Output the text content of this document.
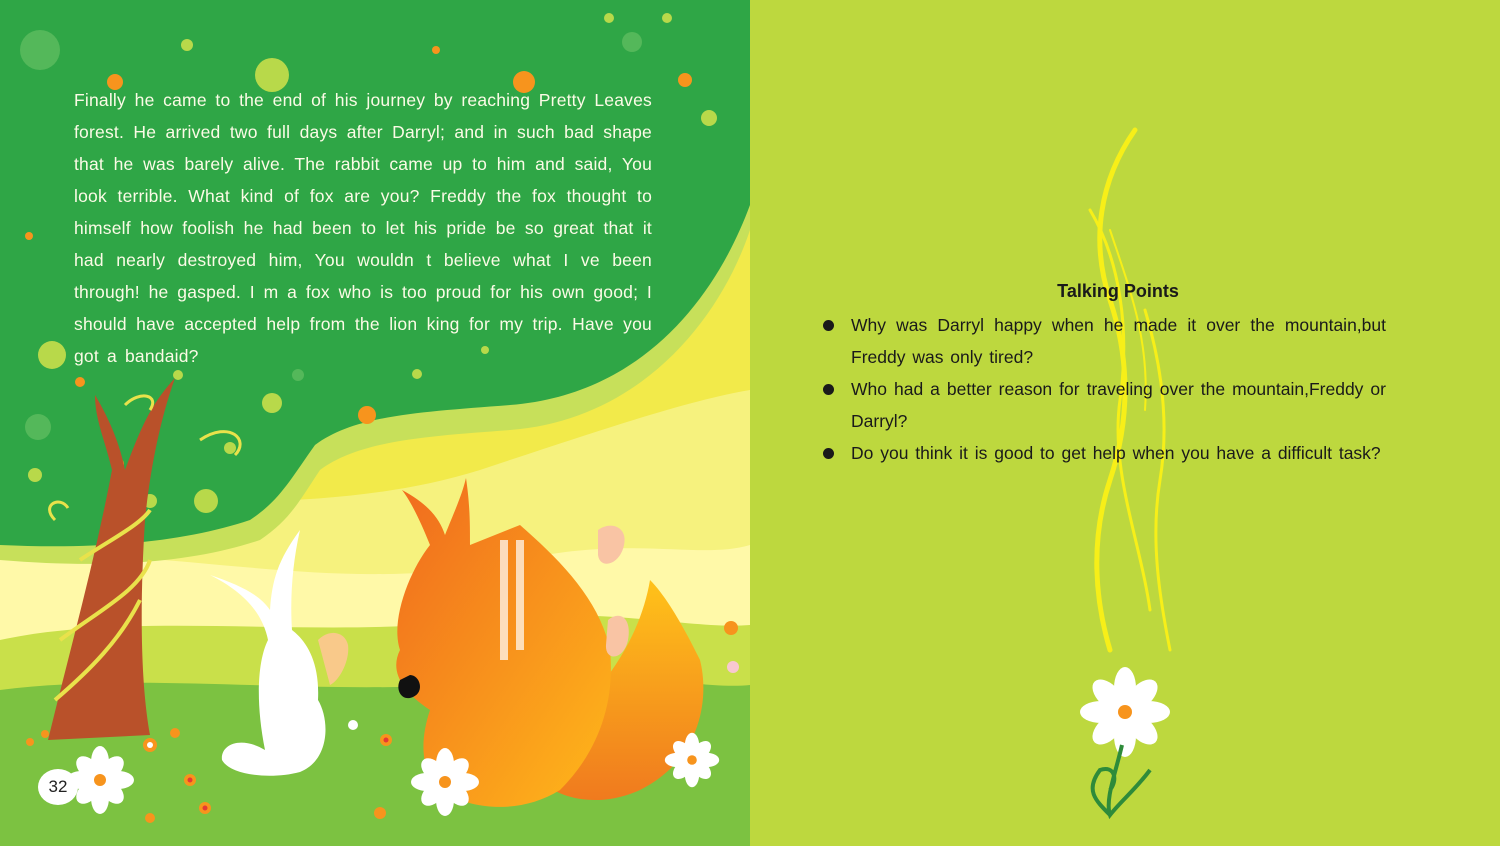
Finally he came to the end of his journey by reaching Pretty Leaves forest. He arrived two full days after Darryl; and in such bad shape that he was barely alive. The rabbit came up to him and said, You look terrible. What kind of fox are you? Freddy the fox thought to himself how foolish he had been to let his pride be so great that it had nearly destroyed him, You wouldn t believe what I ve been through! he gasped. I m a fox who is too proud for his own good; I should have accepted help from the lion king for my trip. Have you got a bandaid?
32
Talking Points
Why was Darryl happy when he made it over the mountain,but Freddy was only tired?
Who had a better reason for traveling over the mountain,Freddy or Darryl?
Do you think it is good to get help when you have a difficult task?
